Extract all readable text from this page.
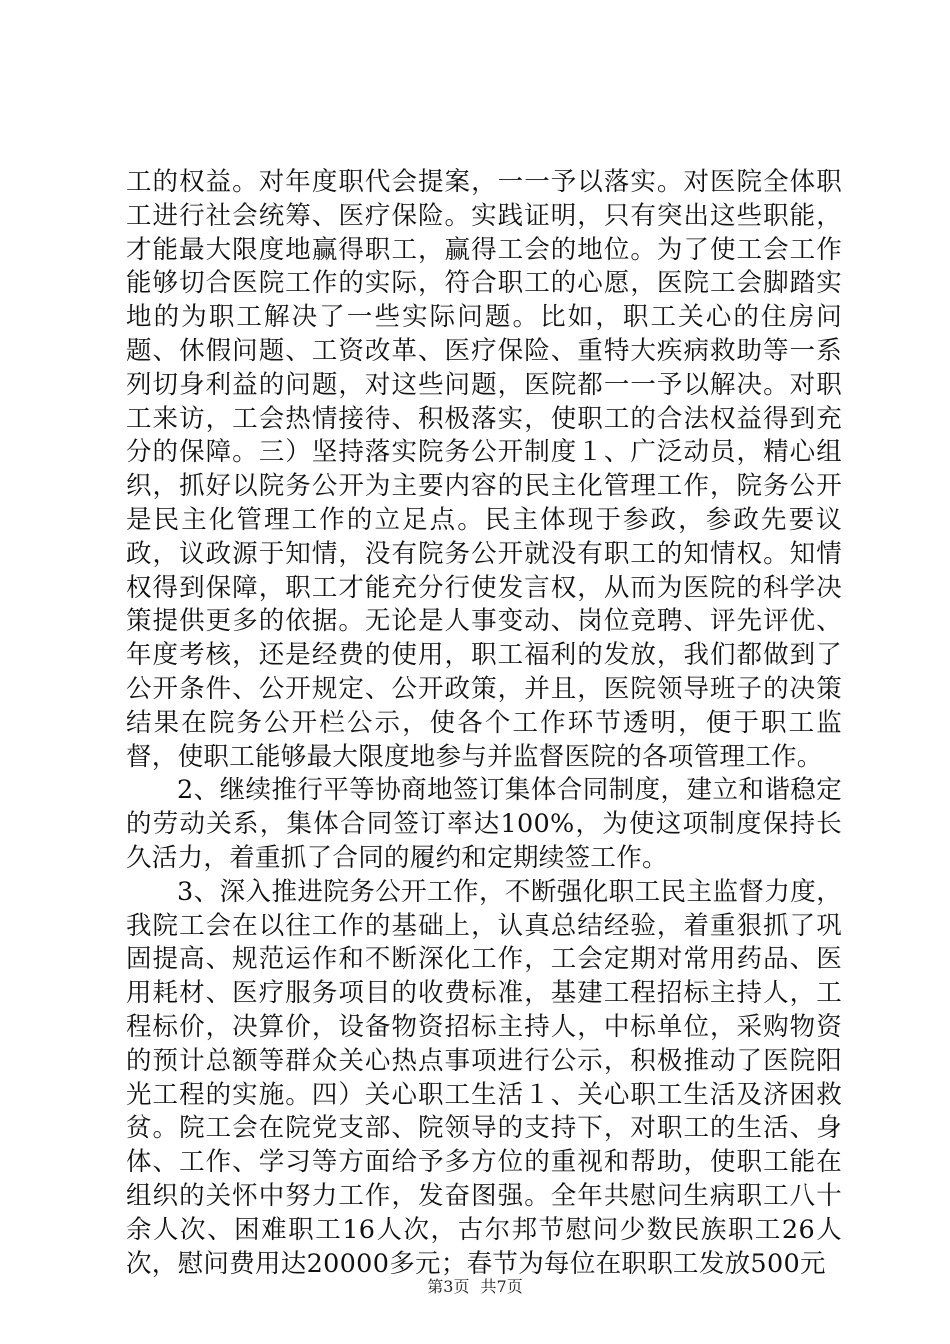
工的权益。对年度职代会提案，一一予以落实。对医院全体职工进行社会统筹、医疗保险。实践证明，只有突出这些职能，才能最大限度地赢得职工，赢得工会的地位。为了使工会工作能够切合医院工作的实际，符合职工的心愿，医院工会脚踏实地的为职工解决了一些实际问题。比如，职工关心的住房问题、休假问题、工资改革、医疗保险、重特大疾病救助等一系列切身利益的问题，对这些问题，医院都一一予以解决。对职工来访，工会热情接待、积极落实，使职工的合法权益得到充分的保障。三）坚持落实院务公开制度１、广泛动员，精心组织，抓好以院务公开为主要内容的民主化管理工作，院务公开是民主化管理工作的立足点。民主体现于参政，参政先要议政，议政源于知情，没有院务公开就没有职工的知情权。知情权得到保障，职工才能充分行使发言权，从而为医院的科学决策提供更多的依据。无论是人事变动、岗位竞聘、评先评优、年度考核，还是经费的使用，职工福利的发放，我们都做到了公开条件、公开规定、公开政策，并且，医院领导班子的决策结果在院务公开栏公示，使各个工作环节透明，便于职工监督，使职工能够最大限度地参与并监督医院的各项管理工作。

2、继续推行平等协商地签订集体合同制度，建立和谐稳定的劳动关系，集体合同签订率达100%，为使这项制度保持长久活力，着重抓了合同的履约和定期续签工作。

3、深入推进院务公开工作，不断强化职工民主监督力度，我院工会在以往工作的基础上，认真总结经验，着重狠抓了巩固提高、规范运作和不断深化工作，工会定期对常用药品、医用耗材、医疗服务项目的收费标准，基建工程招标主持人，工程标价，决算价，设备物资招标主持人，中标单位，采购物资的预计总额等群众关心热点事项进行公示，积极推动了医院阳光工程的实施。四）关心职工生活１、关心职工生活及济困救贫。院工会在院党支部、院领导的支持下，对职工的生活、身体、工作、学习等方面给予多方位的重视和帮助，使职工能在组织的关怀中努力工作，发奋图强。全年共慰问生病职工八十余人次、困难职工16人次，古尔邦节慰问少数民族职工26人次，慰问费用达20000多元；春节为每位在职职工发放500元

第3页 共7页
